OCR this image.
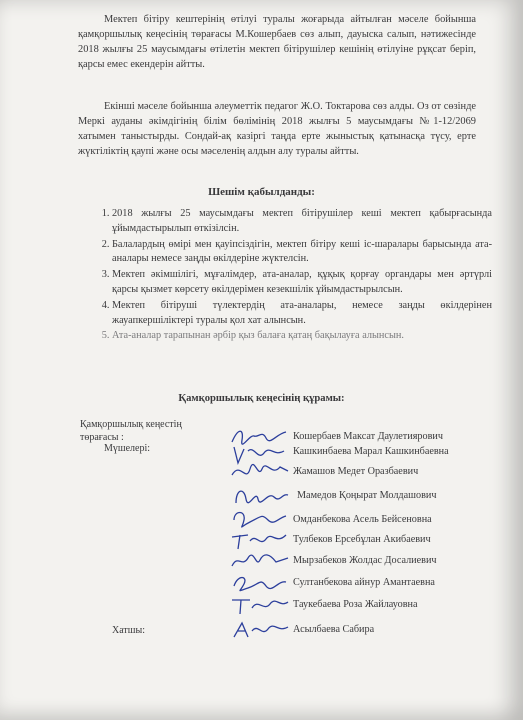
Мектеп бітіру кештерінің өтілуі туралы жоғарыда айтылған мәселе бойынша қамқоршылық кеңесінің төрағасы М.Кошербаев сөз алып, дауыска салып, нәтижесінде 2018 жылғы 25 маусымдағы өтілетін мектеп бітірушілер кешінің өтілуіне рұқсат беріп, қарсы емес екендерін айтты.

Екінші мәселе бойынша әлеуметтік педагог Ж.О. Токтарова сөз алды. Оз от сөзінде Меркі ауданы әкімдігінің білім бөлімінің 2018 жылғы 5 маусымдағы №1-12/2069 хатымен таныстырды. Сондай-ақ казіргі таңда ерте жыныстық қатынасқа түсу, ерте жүктіліктің қаупі және осы мәселенің алдын алу туралы айтты.

Шешім қабылданды:
1. 2018 жылғы 25 маусымдағы мектеп бітірушілер кеші мектеп қабырғасында ұйымдастырылып өткізілсін.
2. Балалардың өмірі мен қауіпсіздігін, мектеп бітіру кеші іс-шаралары барысында ата-аналары немесе заңды өкілдеріне жүктелсін.
3. Мектеп әкімшілігі, мұғалімдер, ата-аналар, құқық қорғау органдары мен әртүрлі қарсы қызмет көрсету өкілдерімен кезекшілік ұйымдастырылсын.
4. Мектеп бітіруші түлектердің ата-аналары, немесе заңды өкілдерінен жауапкершіліктері туралы қол хат алынсын.
5. Ата-аналар тарапынан әрбір қыз балаға қатаң бақылауға алынсын.
Қамқоршылық кеңесінің құрамы:
Қамқоршылық кеңестің төрағасы :
Мүшелері:
Хатшы:
Кошербаев Максат Даулетиярович
Кашкинбаева Марал Кашкинбаевна
Жамашов Медет Оразбаевич
Мамедов Қоңырат Молдашович
Омданбекова Асель Бейсеновна
Тулбеков Ерсебұлан Акибаевич
Мырзабеков Жолдас Досалиевич
Султанбекова айнур Амантаевна
Таукебаева Роза Жайлауовна
Асылбаева Сабира
